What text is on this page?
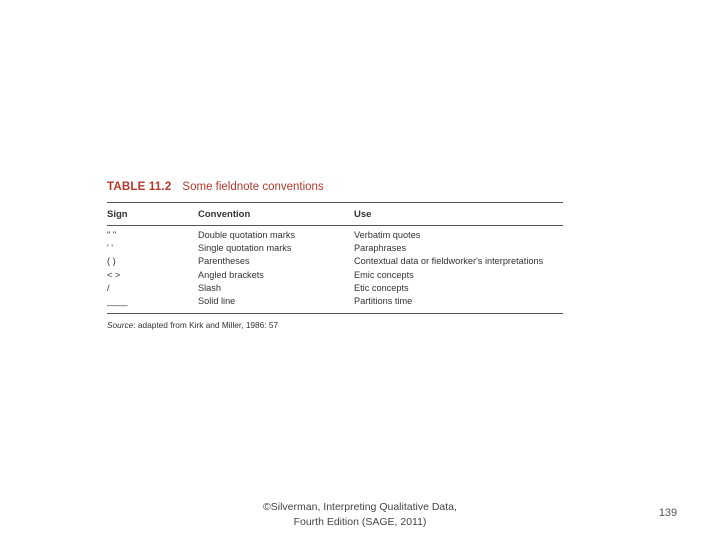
TABLE 11.2 Some fieldnote conventions
Sign	Convention	Use
" "	Double quotation marks	Verbatim quotes
' '	Single quotation marks	Paraphrases
( )	Parentheses	Contextual data or fieldworker's interpretations
< >	Angled brackets	Emic concepts
/	Slash	Etic concepts
____	Solid line	Partitions time
Source: adapted from Kirk and Miller, 1986: 57
©Silverman, Interpreting Qualitative Data,
Fourth Edition (SAGE, 2011)
139
